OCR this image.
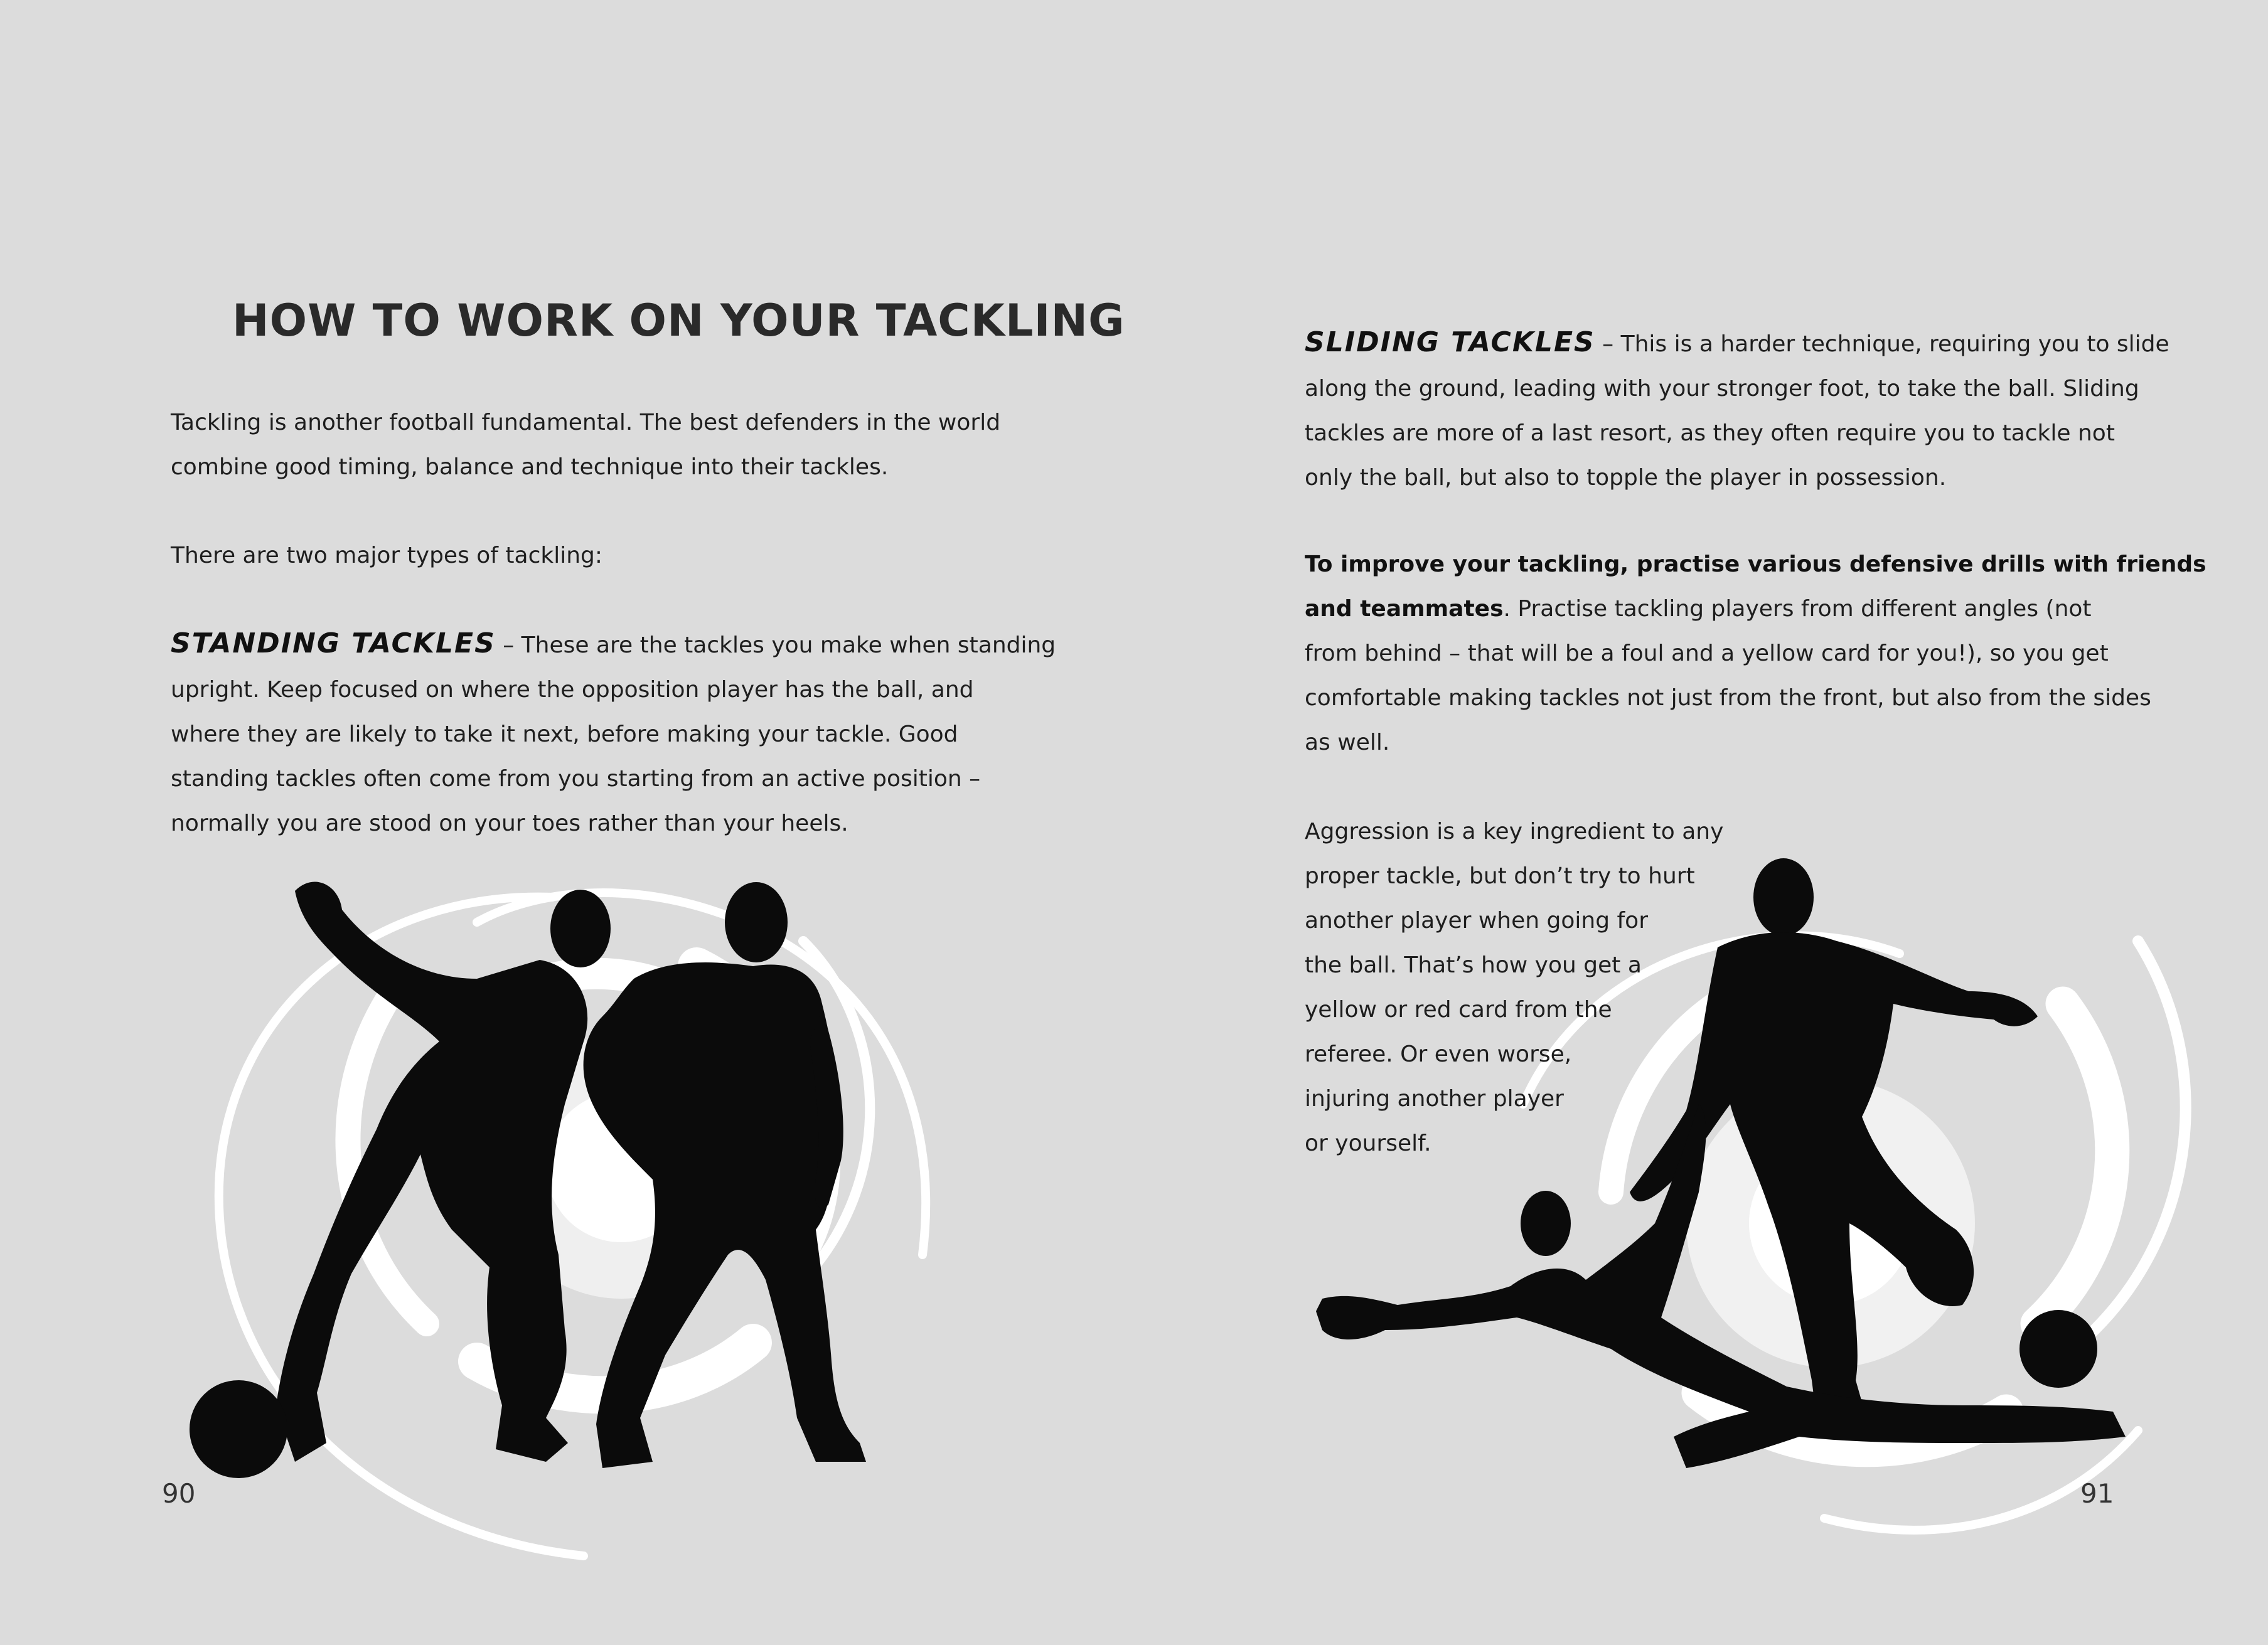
HOW TO WORK ON YOUR TACKLING

Tackling is another football fundamental. The best defenders in the world
combine good timing, balance and technique into their tackles.

There are two major types of tackling:

STANDING TACKLES – These are the tackles you make when standing
upright. Keep focused on where the opposition player has the ball, and
where they are likely to take it next, before making your tackle. Good
standing tackles often come from you starting from an active position –
normally you are stood on your toes rather than your heels.

90

SLIDING TACKLES – This is a harder technique, requiring you to slide
along the ground, leading with your stronger foot, to take the ball. Sliding
tackles are more of a last resort, as they often require you to tackle not
only the ball, but also to topple the player in possession.

To improve your tackling, practise various defensive drills with friends
and teammates. Practise tackling players from different angles (not
from behind – that will be a foul and a yellow card for you!), so you get
comfortable making tackles not just from the front, but also from the sides
as well.

Aggression is a key ingredient to any
proper tackle, but don’t try to hurt
another player when going for
the ball. That’s how you get a
yellow or red card from the
referee. Or even worse,
injuring another player
or yourself.

91
